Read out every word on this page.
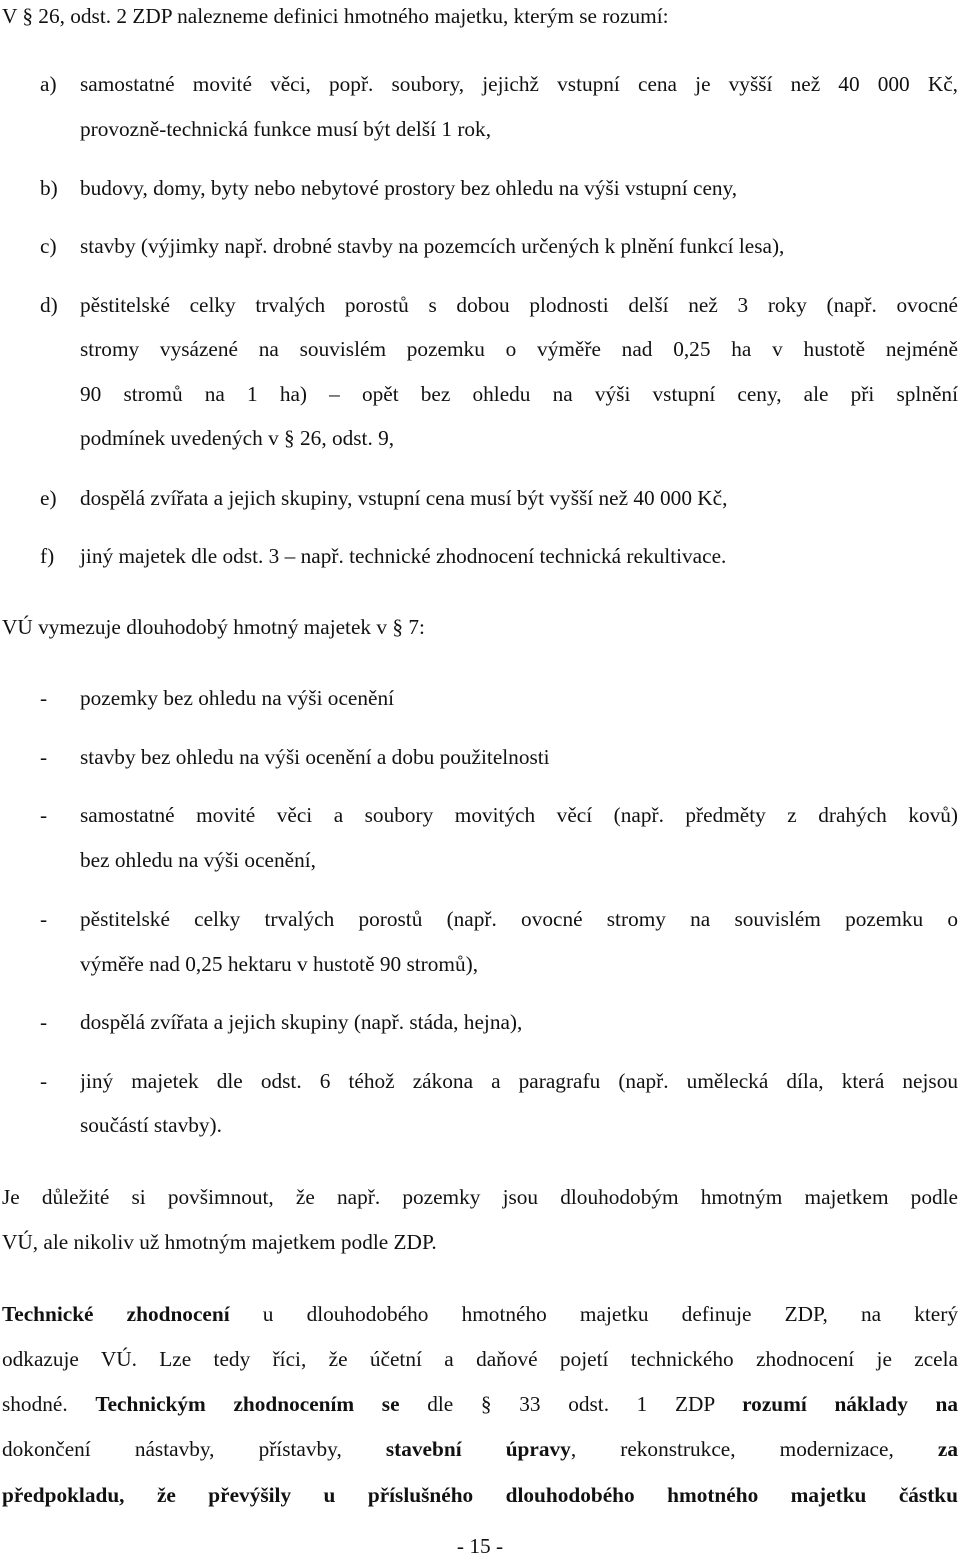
V § 26, odst. 2 ZDP nalezneme definici hmotného majetku, kterým se rozumí:
a)	samostatné movité věci, popř. soubory, jejichž vstupní cena je vyšší než 40 000 Kč,
provozně-technická funkce musí být delší 1 rok,
b)	budovy, domy, byty nebo nebytové prostory bez ohledu na výši vstupní ceny,
c)	stavby (výjimky např. drobné stavby na pozemcích určených k plnění funkcí lesa),
d)	pěstitelské celky trvalých porostů s dobou plodnosti delší než 3 roky (např. ovocné
stromy vysázené na souvislém pozemku o výměře nad 0,25 ha v hustotě nejméně
90 stromů na 1 ha) – opět bez ohledu na výši vstupní ceny, ale při splnění
podmínek uvedených v § 26, odst. 9,
e)	dospělá zvířata a jejich skupiny, vstupní cena musí být vyšší než 40 000 Kč,
f)	jiný majetek dle odst. 3 – např. technické zhodnocení technická rekultivace.
VÚ vymezuje dlouhodobý hmotný majetek v § 7:
-	pozemky bez ohledu na výši ocenění
-	stavby bez ohledu na výši ocenění a dobu použitelnosti
-	samostatné movité věci a soubory movitých věcí (např. předměty z drahých kovů)
bez ohledu na výši ocenění,
-	pěstitelské celky trvalých porostů (např. ovocné stromy na souvislém pozemku o
výměře nad 0,25 hektaru v hustotě 90 stromů),
-	dospělá zvířata a jejich skupiny (např. stáda, hejna),
-	jiný majetek dle odst. 6 téhož zákona a paragrafu (např. umělecká díla, která nejsou
součástí stavby).
Je důležité si povšimnout, že např. pozemky jsou dlouhodobým hmotným majetkem podle
VÚ, ale nikoliv už hmotným majetkem podle ZDP.
Technické zhodnocení u dlouhodobého hmotného majetku definuje ZDP, na který
odkazuje VÚ. Lze tedy říci, že účetní a daňové pojetí technického zhodnocení je zcela
shodné. Technickým zhodnocením se dle § 33 odst. 1 ZDP rozumí náklady na
dokončení nástavby, přístavby, stavební úpravy, rekonstrukce, modernizace, za
předpokladu, že převýšily u příslušného dlouhodobého hmotného majetku částku
- 15 -
